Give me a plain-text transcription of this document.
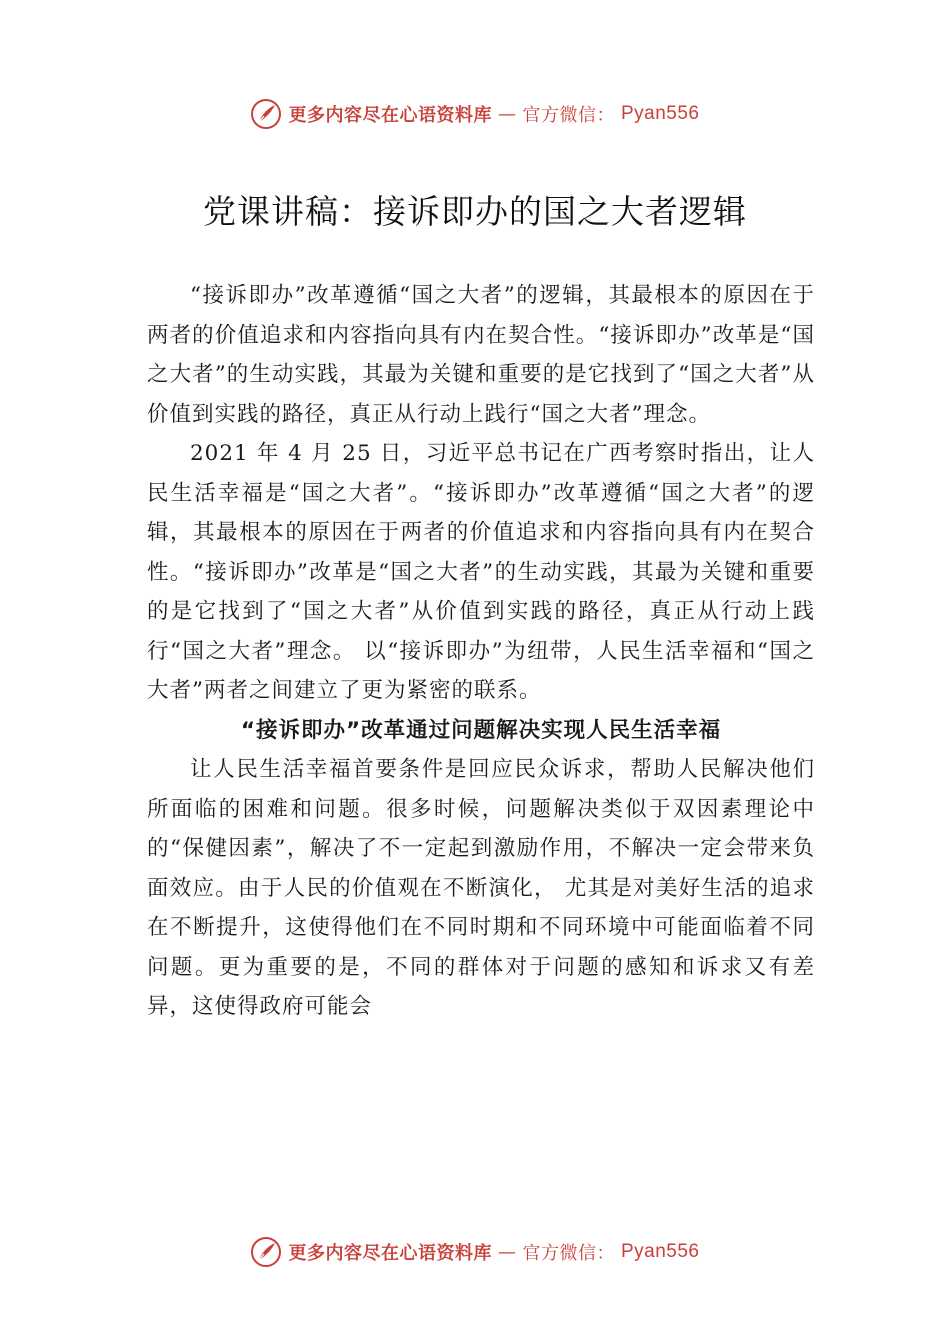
更多内容尽在心语资料库 — 官方微信： Pyan556
党课讲稿：接诉即办的国之大者逻辑

“接诉即办”改革遵循“国之大者”的逻辑，其最根本的原因在于两者的价值追求和内容指向具有内在契合性。“接诉即办”改革是“国之大者”的生动实践，其最为关键和重要的是它找到了“国之大者”从价值到实践的路径，真正从行动上践行“国之大者”理念。

2021 年 4 月 25 日，习近平总书记在广西考察时指出，让人民生活幸福是“国之大者”。“接诉即办”改革遵循“国之大者”的逻辑，其最根本的原因在于两者的价值追求和内容指向具有内在契合性。“接诉即办”改革是“国之大者”的生动实践，其最为关键和重要的是它找到了“国之大者”从价值到实践的路径，真正从行动上践行“国之大者”理念。 以“接诉即办”为纽带，人民生活幸福和“国之大者”两者之间建立了更为紧密的联系。

“接诉即办”改革通过问题解决实现人民生活幸福

让人民生活幸福首要条件是回应民众诉求，帮助人民解决他们所面临的困难和问题。很多时候，问题解决类似于双因素理论中的“保健因素”，解决了不一定起到激励作用，不解决一定会带来负面效应。由于人民的价值观在不断演化， 尤其是对美好生活的追求在不断提升，这使得他们在不同时期和不同环境中可能面临着不同问题。更为重要的是，不同的群体对于问题的感知和诉求又有差异，这使得政府可能会

更多内容尽在心语资料库 — 官方微信： Pyan556
